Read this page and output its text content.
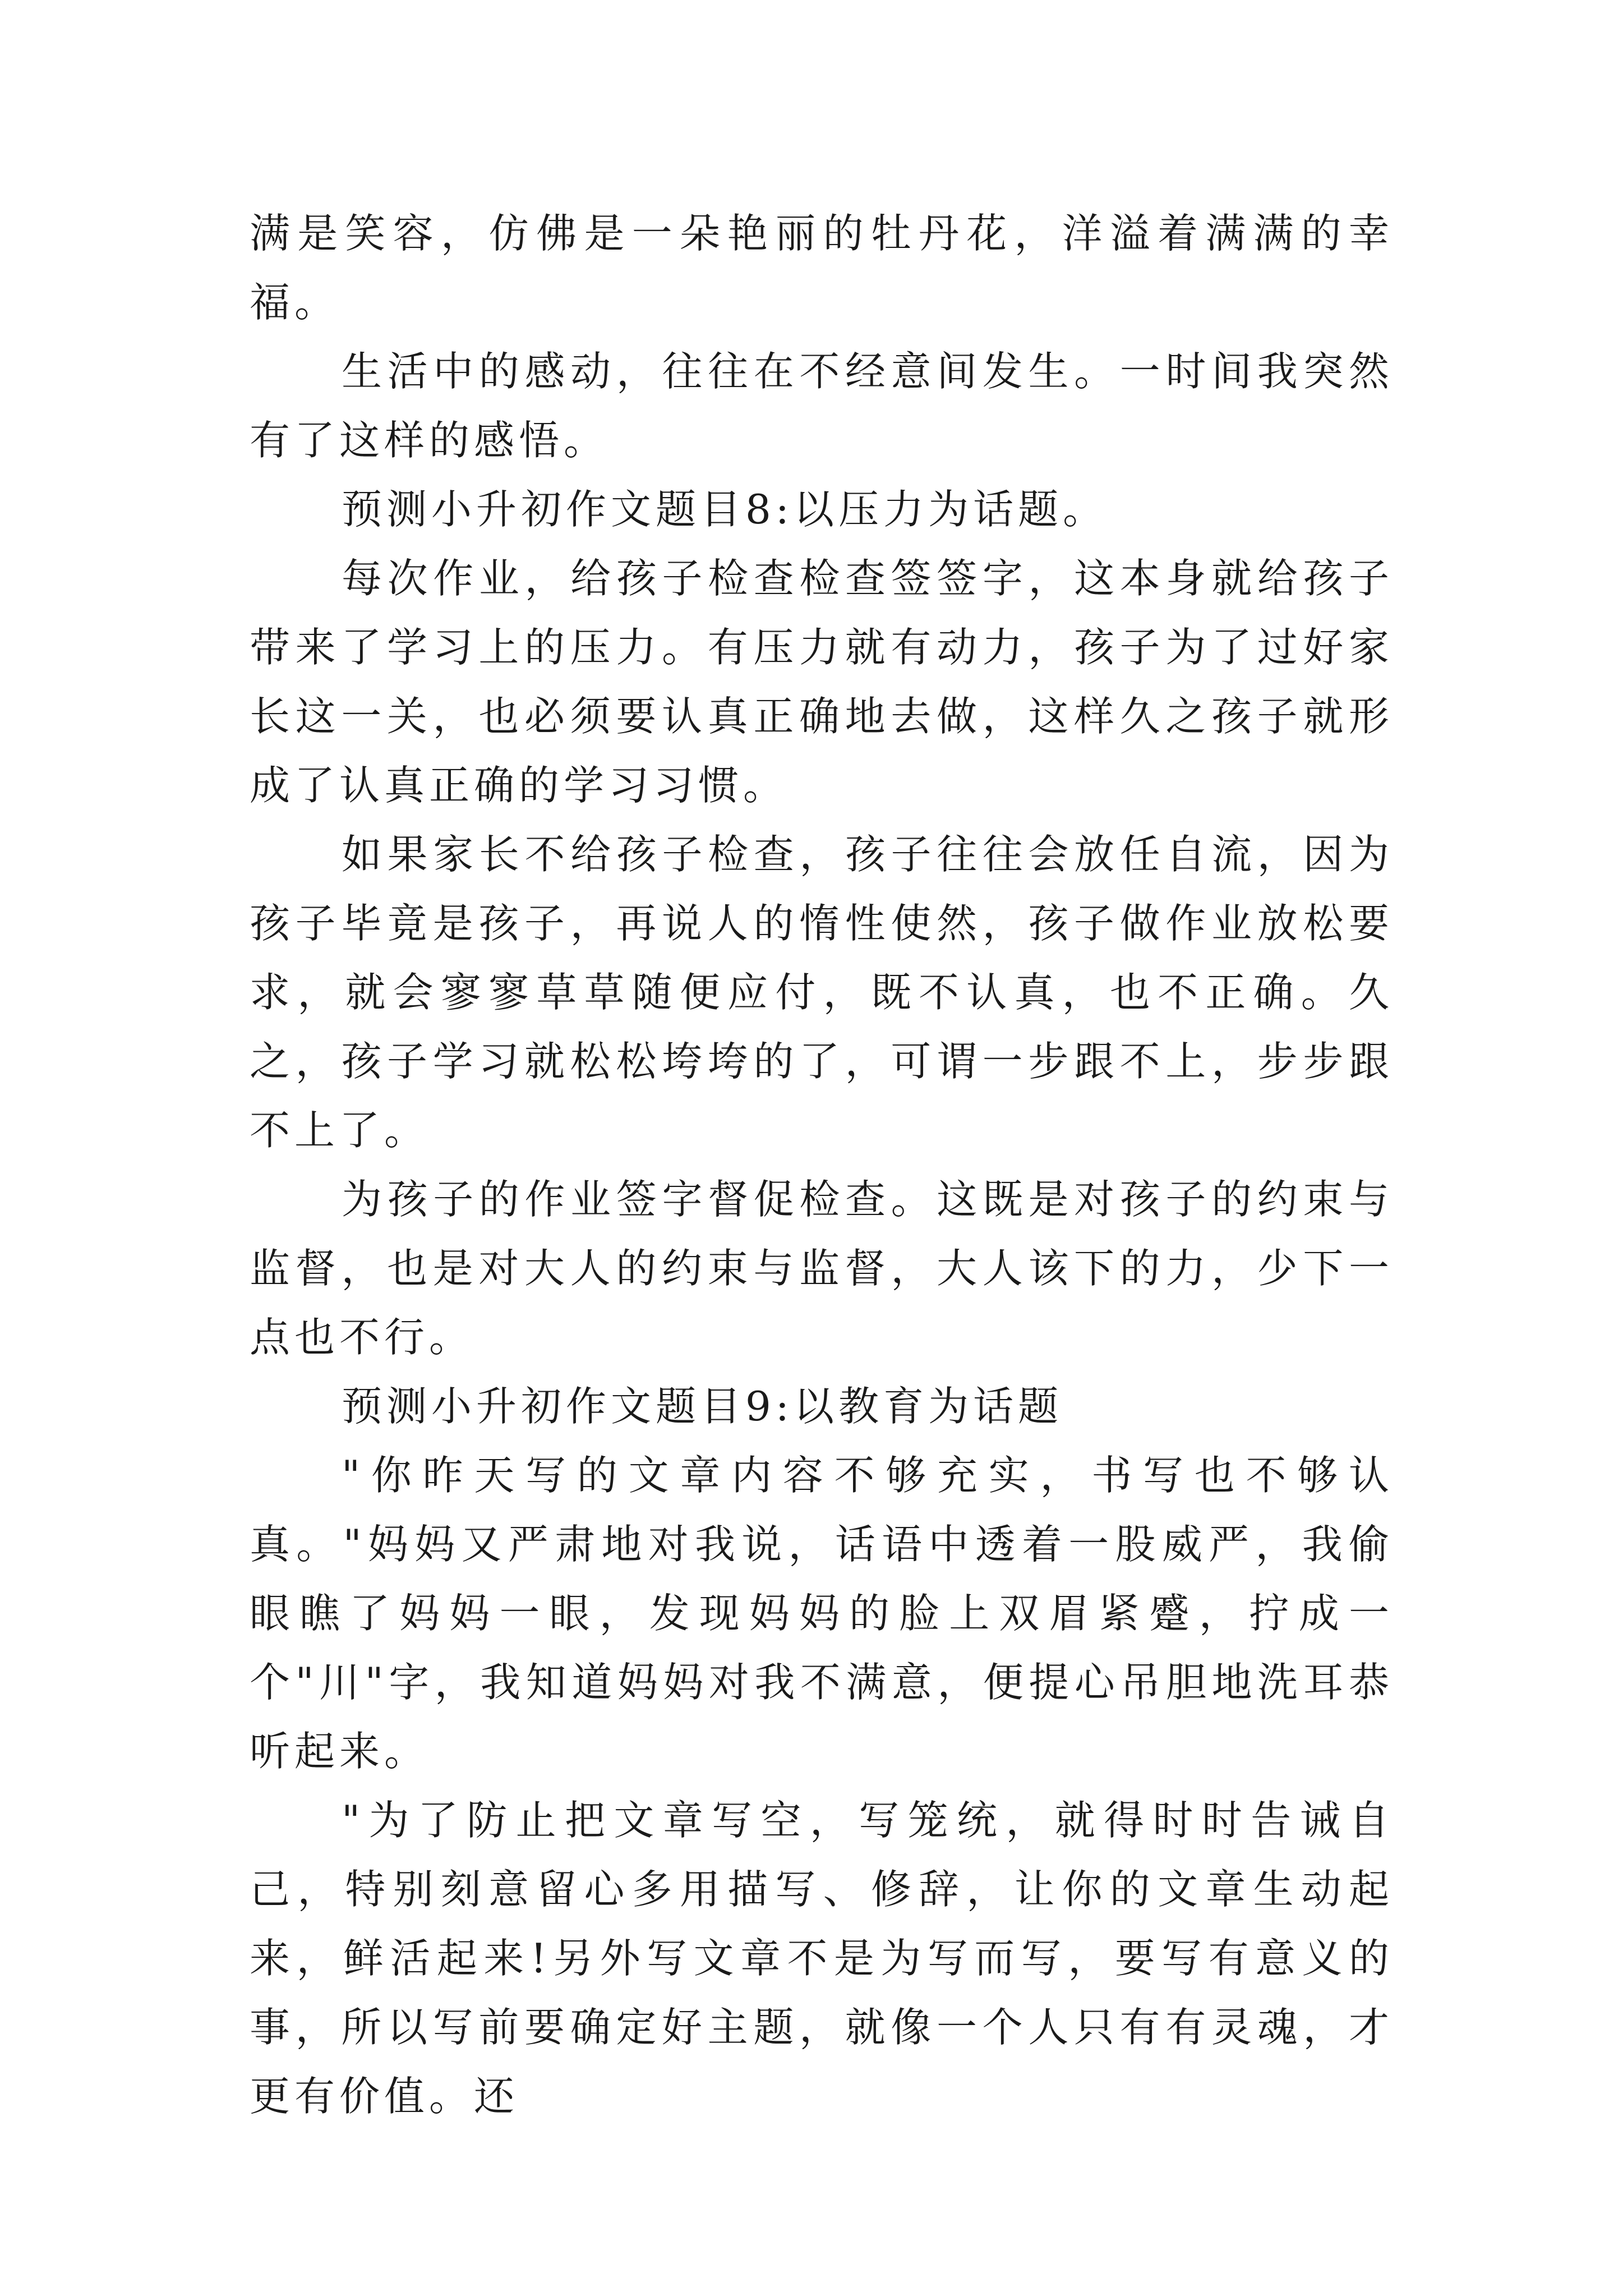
满是笑容，仿佛是一朵艳丽的牡丹花，洋溢着满满的幸福。

生活中的感动，往往在不经意间发生。一时间我突然有了这样的感悟。

预测小升初作文题目8:以压力为话题。

每次作业，给孩子检查检查签签字，这本身就给孩子带来了学习上的压力。有压力就有动力，孩子为了过好家长这一关，也必须要认真正确地去做，这样久之孩子就形成了认真正确的学习习惯。

如果家长不给孩子检查，孩子往往会放任自流，因为孩子毕竟是孩子，再说人的惰性使然，孩子做作业放松要求，就会寥寥草草随便应付，既不认真，也不正确。久之，孩子学习就松松垮垮的了，可谓一步跟不上，步步跟不上了。

为孩子的作业签字督促检查。这既是对孩子的约束与监督，也是对大人的约束与监督，大人该下的力，少下一点也不行。

预测小升初作文题目9:以教育为话题

"你昨天写的文章内容不够充实，书写也不够认真。"妈妈又严肃地对我说，话语中透着一股威严，我偷眼瞧了妈妈一眼，发现妈妈的脸上双眉紧蹙，拧成一个"川"字，我知道妈妈对我不满意，便提心吊胆地洗耳恭听起来。

"为了防止把文章写空，写笼统，就得时时告诫自己，特别刻意留心多用描写、修辞，让你的文章生动起来，鲜活起来!另外写文章不是为写而写，要写有意义的事，所以写前要确定好主题，就像一个人只有有灵魂，才更有价值。还
